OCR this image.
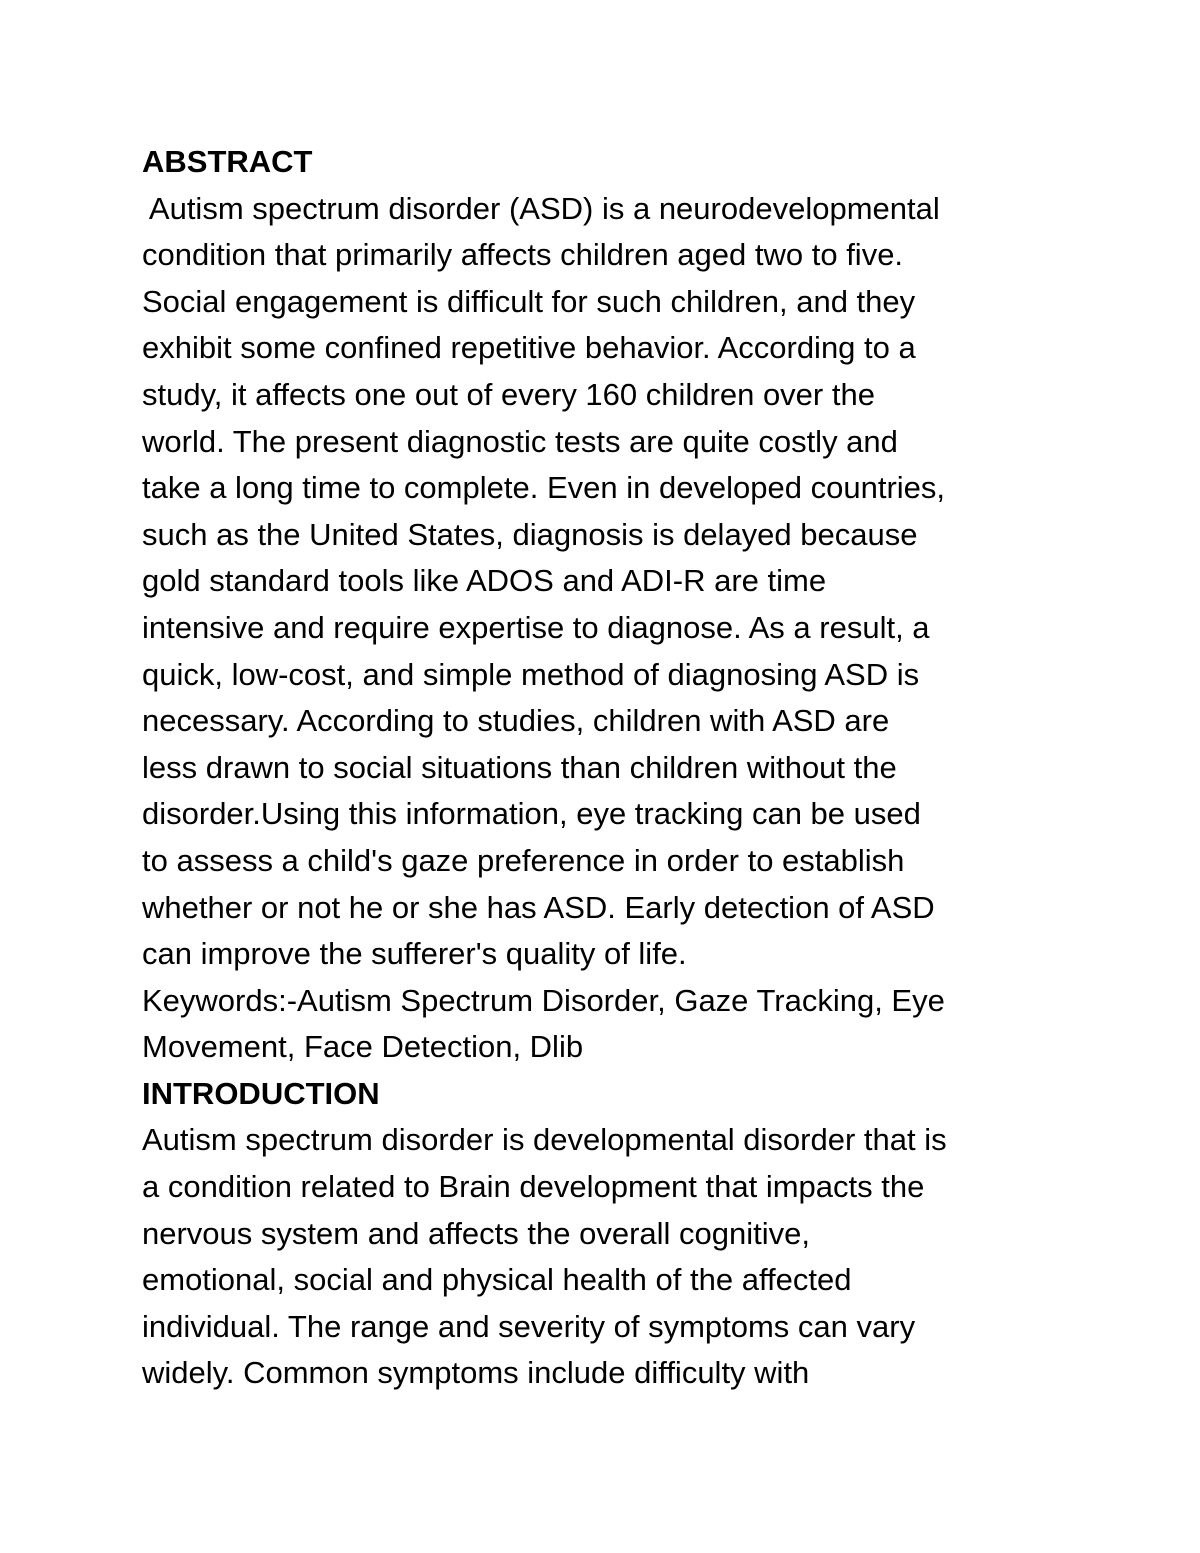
ABSTRACT
Autism spectrum disorder (ASD) is a neurodevelopmental
condition that primarily affects children aged two to five.
Social engagement is difficult for such children, and they
exhibit some confined repetitive behavior. According to a
study, it affects one out of every 160 children over the
world. The present diagnostic tests are quite costly and
take a long time to complete. Even in developed countries,
such as the United States, diagnosis is delayed because
gold standard tools like ADOS and ADI-R are time
intensive and require expertise to diagnose. As a result, a
quick, low-cost, and simple method of diagnosing ASD is
necessary. According to studies, children with ASD are
less drawn to social situations than children without the
disorder.Using this information, eye tracking can be used
to assess a child's gaze preference in order to establish
whether or not he or she has ASD. Early detection of ASD
can improve the sufferer's quality of life.
Keywords:-Autism Spectrum Disorder, Gaze Tracking, Eye
Movement, Face Detection, Dlib
INTRODUCTION
Autism spectrum disorder is developmental disorder that is
a condition related to Brain development that impacts the
nervous system and affects the overall cognitive,
emotional, social and physical health of the affected
individual. The range and severity of symptoms can vary
widely. Common symptoms include difficulty with
